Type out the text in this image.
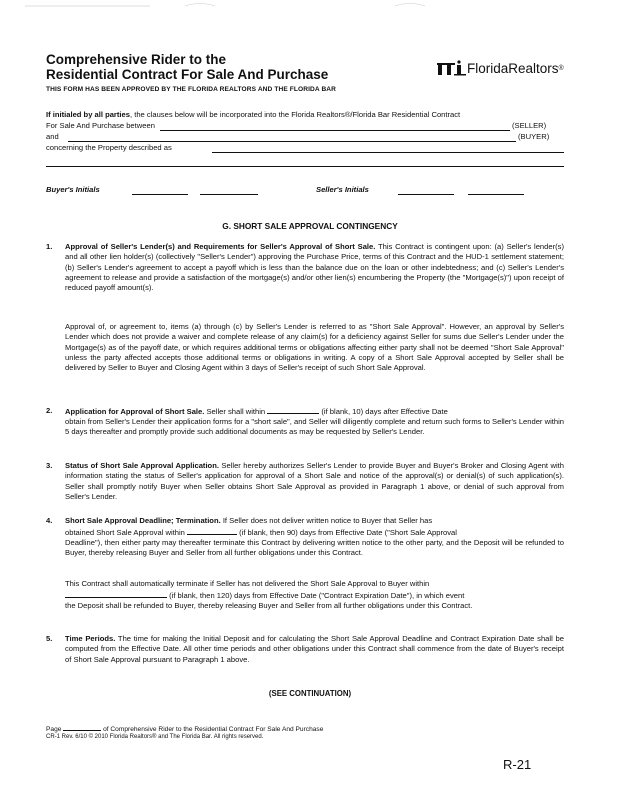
Comprehensive Rider to the
Residential Contract For Sale And Purchase
THIS FORM HAS BEEN APPROVED BY THE FLORIDA REALTORS AND THE FLORIDA BAR
FloridaRealtors ®
If initialed by all parties, the clauses below will be incorporated into the Florida Realtors®/Florida Bar Residential Contract
For Sale And Purchase between	(SELLER)
and	(BUYER)
concerning the Property described as
Buyer's Initials	Seller's Initials
G. SHORT SALE APPROVAL CONTINGENCY
1. Approval of Seller's Lender(s) and Requirements for Seller's Approval of Short Sale. This Contract is contingent upon: (a) Seller's lender(s) and all other lien holder(s) (collectively "Seller's Lender") approving the Purchase Price, terms of this Contract and the HUD-1 settlement statement; (b) Seller's Lender's agreement to accept a payoff which is less than the balance due on the loan or other indebtedness; and (c) Seller's Lender's agreement to release and provide a satisfaction of the mortgage(s) and/or other lien(s) encumbering the Property (the "Mortgage(s)") upon receipt of reduced payoff amount(s).
Approval of, or agreement to, items (a) through (c) by Seller's Lender is referred to as "Short Sale Approval". However, an approval by Seller's Lender which does not provide a waiver and complete release of any claim(s) for a deficiency against Seller for sums due Seller's Lender under the Mortgage(s) as of the payoff date, or which requires additional terms or obligations affecting either party shall not be deemed "Short Sale Approval" unless the party affected accepts those additional terms or obligations in writing. A copy of a Short Sale Approval accepted by Seller shall be delivered by Seller to Buyer and Closing Agent within 3 days of Seller's receipt of such Short Sale Approval.
2. Application for Approval of Short Sale. Seller shall within	(if blank, 10) days after Effective Date
obtain from Seller's Lender their application forms for a "short sale", and Seller will diligently complete and return such forms to Seller's Lender within 5 days thereafter and promptly provide such additional documents as may be requested by Seller's Lender.
3. Status of Short Sale Approval Application. Seller hereby authorizes Seller's Lender to provide Buyer and Buyer's Broker and Closing Agent with information stating the status of Seller's application for approval of a Short Sale and notice of the approval(s) or denial(s) of such application(s). Seller shall promptly notify Buyer when Seller obtains Short Sale Approval as provided in Paragraph 1 above, or denial of such approval from Seller's Lender.
4. Short Sale Approval Deadline; Termination. If Seller does not deliver written notice to Buyer that Seller has
obtained Short Sale Approval within	(if blank, then 90) days from Effective Date ("Short Sale Approval
Deadline"), then either party may thereafter terminate this Contract by delivering written notice to the other party, and the Deposit will be refunded to Buyer, thereby releasing Buyer and Seller from all further obligations under this Contract.
This Contract shall automatically terminate if Seller has not delivered the Short Sale Approval to Buyer within
(if blank, then 120) days from Effective Date ("Contract Expiration Date"), in which event
the Deposit shall be refunded to Buyer, thereby releasing Buyer and Seller from all further obligations under this Contract.
5. Time Periods. The time for making the Initial Deposit and for calculating the Short Sale Approval Deadline and Contract Expiration Date shall be computed from the Effective Date. All other time periods and other obligations under this Contract shall commence from the date of Buyer's receipt of Short Sale Approval pursuant to Paragraph 1 above.
(SEE CONTINUATION)
Page	of Comprehensive Rider to the Residential Contract For Sale And Purchase
CR-1 Rev. 6/10 © 2010 Florida Realtors® and The Florida Bar. All rights reserved.
R-21
